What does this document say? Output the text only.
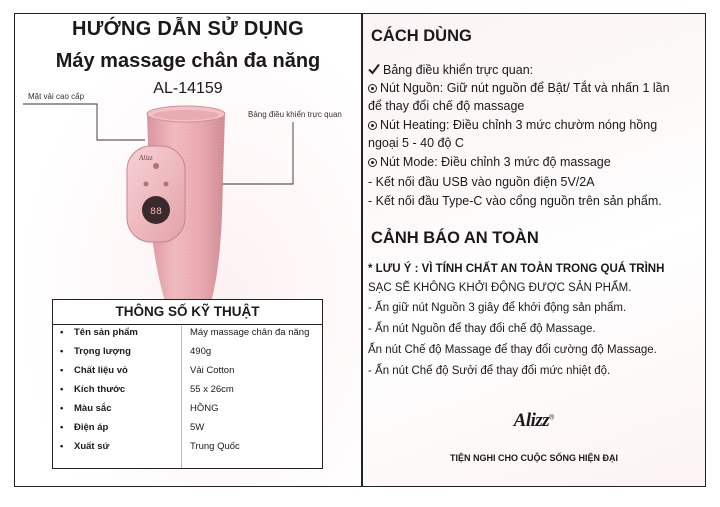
HƯỚNG DẪN SỬ DỤNG
Máy massage chân đa năng
AL-14159
Mặt vải cao cấp
Bảng điều khiển trực quan
88
Alizz
THÔNG SỐ KỸ THUẬT
• Tên sản phẩm	Máy massage chân đa năng
• Trọng lượng	490g
• Chất liệu vỏ	Vải Cotton
• Kích thước	55 x 26cm
• Màu sắc	HỒNG
• Điện áp	5W
• Xuất sứ	Trung Quốc
CÁCH DÙNG
Bảng điều khiển trực quan:
Nút Nguồn: Giữ nút nguồn để Bật/ Tắt và nhấn 1 lần
để thay đổi chế độ massage
Nút Heating: Điều chỉnh 3 mức chườm nóng hồng
ngoại 5 - 40 độ C
Nút Mode: Điều chỉnh 3 mức độ massage
- Kết nối đầu USB vào nguồn điện 5V/2A
- Kết nối đầu Type-C vào cổng nguồn trên sản phẩm.
CẢNH BÁO AN TOÀN
* LƯU Ý : VÌ TÍNH CHẤT AN TOÀN TRONG QUÁ TRÌNH
SẠC SẼ KHÔNG KHỞI ĐỘNG ĐƯỢC SẢN PHẨM.
- Ấn giữ nút Nguồn 3 giây để khởi động sản phẩm.
- Ấn nút Nguồn để thay đổi chế độ Massage.
Ấn nút Chế độ Massage để thay đổi cường độ Massage.
- Ấn nút Chế độ Sưởi để thay đổi mức nhiệt độ.
Alizz®
TIỆN NGHI CHO CUỘC SỐNG HIỆN ĐẠI
